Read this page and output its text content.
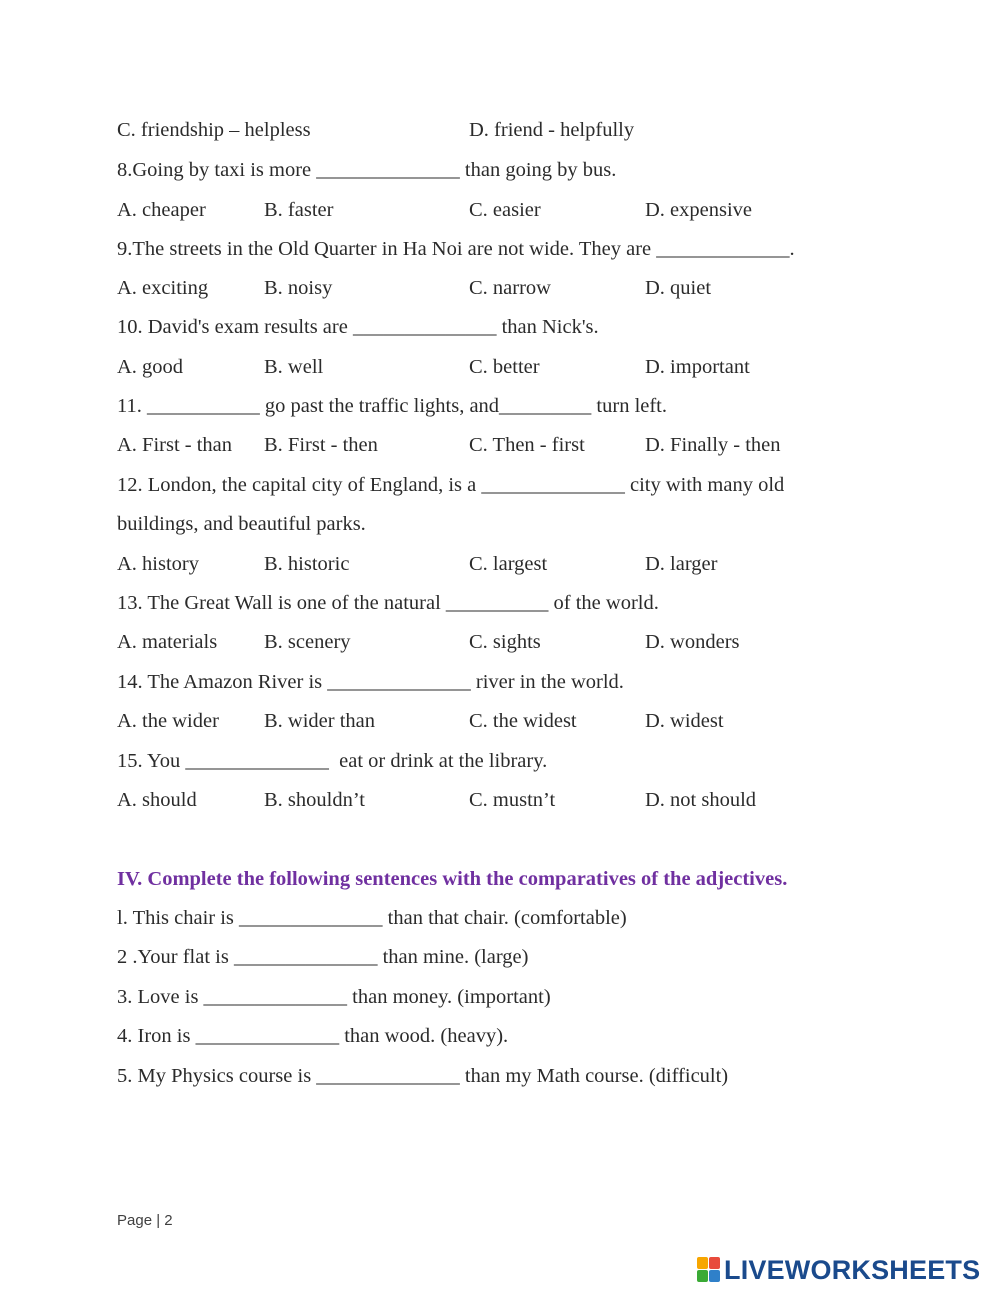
C. friendship – helpless	D. friend - helpfully
8.Going by taxi is more ______________ than going by bus.
A. cheaper	B. faster	C. easier	D. expensive
9.The streets in the Old Quarter in Ha Noi are not wide. They are _____________.
A. exciting	B. noisy	C. narrow	D. quiet
10. David's exam results are ______________ than Nick's.
A. good	B. well	C. better	D. important
11. ___________ go past the traffic lights, and_________ turn left.
A. First - than B. First - then	C. Then - first	D. Finally - then
12. London, the capital city of England, is a ______________ city with many old
buildings, and beautiful parks.
A. history	B. historic	C. largest	D. larger
13. The Great Wall is one of the natural __________ of the world.
A. materials B. scenery	C. sights	D. wonders
14. The Amazon River is ______________ river in the world.
A. the wider B. wider than	C. the widest	D. widest
15. You ______________  eat or drink at the library.
A. should	B. shouldn’t	C. mustn’t	D. not should
IV. Complete the following sentences with the comparatives of the adjectives.
l. This chair is ______________ than that chair. (comfortable)
2 .Your flat is ______________ than mine. (large)
3. Love is ______________ than money. (important)
4. Iron is ______________ than wood. (heavy).
5. My Physics course is ______________ than my Math course. (difficult)
Page | 2
LIVEWORKSHEETS
